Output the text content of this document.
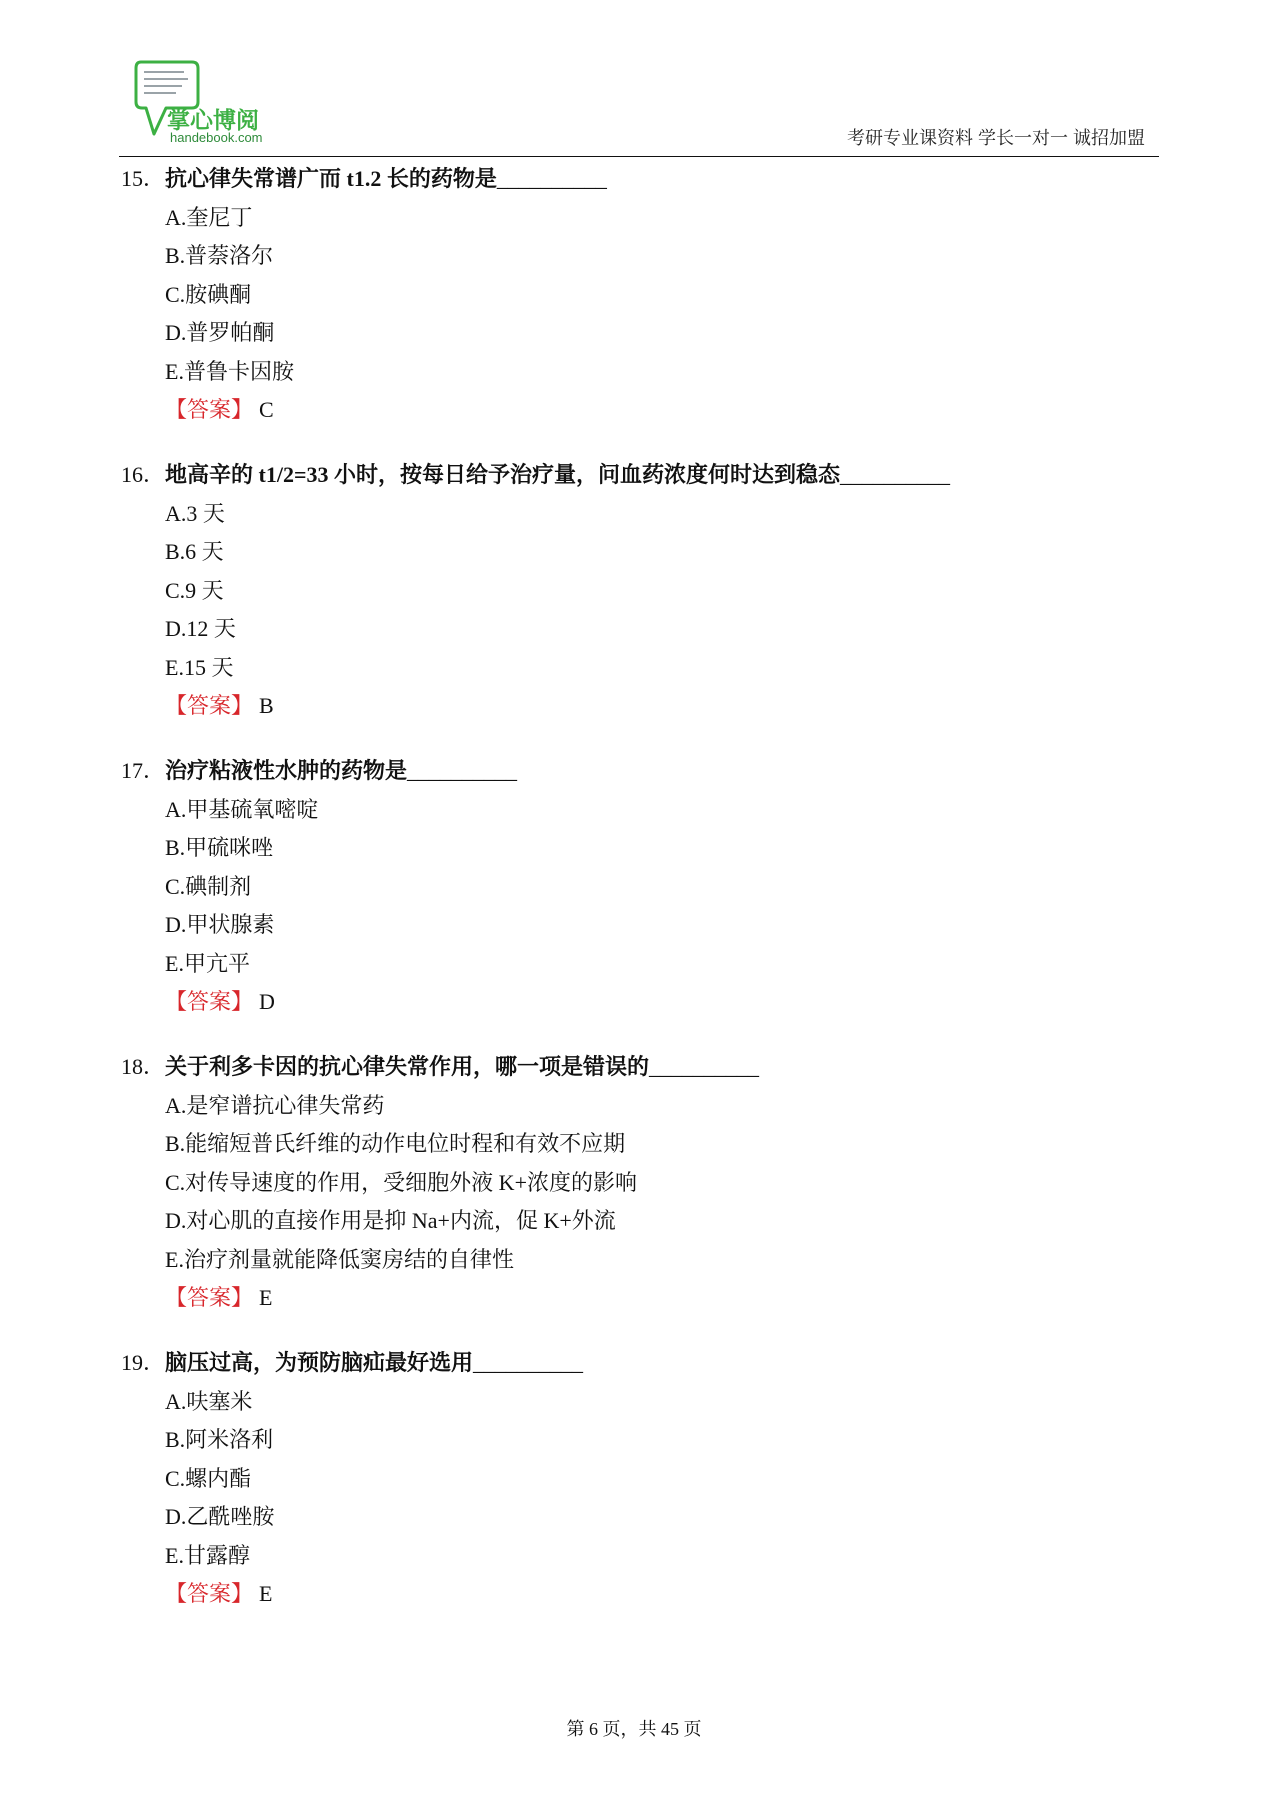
掌心博阅
handebook.com	考研专业课资料 学长一对一 诚招加盟
15． 抗心律失常谱广而 t1.2 长的药物是 __________
A.奎尼丁
B.普萘洛尔
C.胺碘酮
D.普罗帕酮
E.普鲁卡因胺
【答案】 C
16． 地高辛的 t1/2=33 小时，按每日给予治疗量，问血药浓度何时达到稳态 __________
A.3 天
B.6 天
C.9 天
D.12 天
E.15 天
【答案】 B
17． 治疗粘液性水肿的药物是 __________
A.甲基硫氧嘧啶
B.甲硫咪唑
C.碘制剂
D.甲状腺素
E.甲亢平
【答案】 D
18． 关于利多卡因的抗心律失常作用，哪一项是错误的 __________
A.是窄谱抗心律失常药
B.能缩短普氏纤维的动作电位时程和有效不应期
C.对传导速度的作用，受细胞外液 K+浓度的影响
D.对心肌的直接作用是抑 Na+内流，促 K+外流
E.治疗剂量就能降低窦房结的自律性
【答案】 E
19． 脑压过高，为预防脑疝最好选用 __________
A.呋塞米
B.阿米洛利
C.螺内酯
D.乙酰唑胺
E.甘露醇
【答案】 E
第 6 页，共 45 页
